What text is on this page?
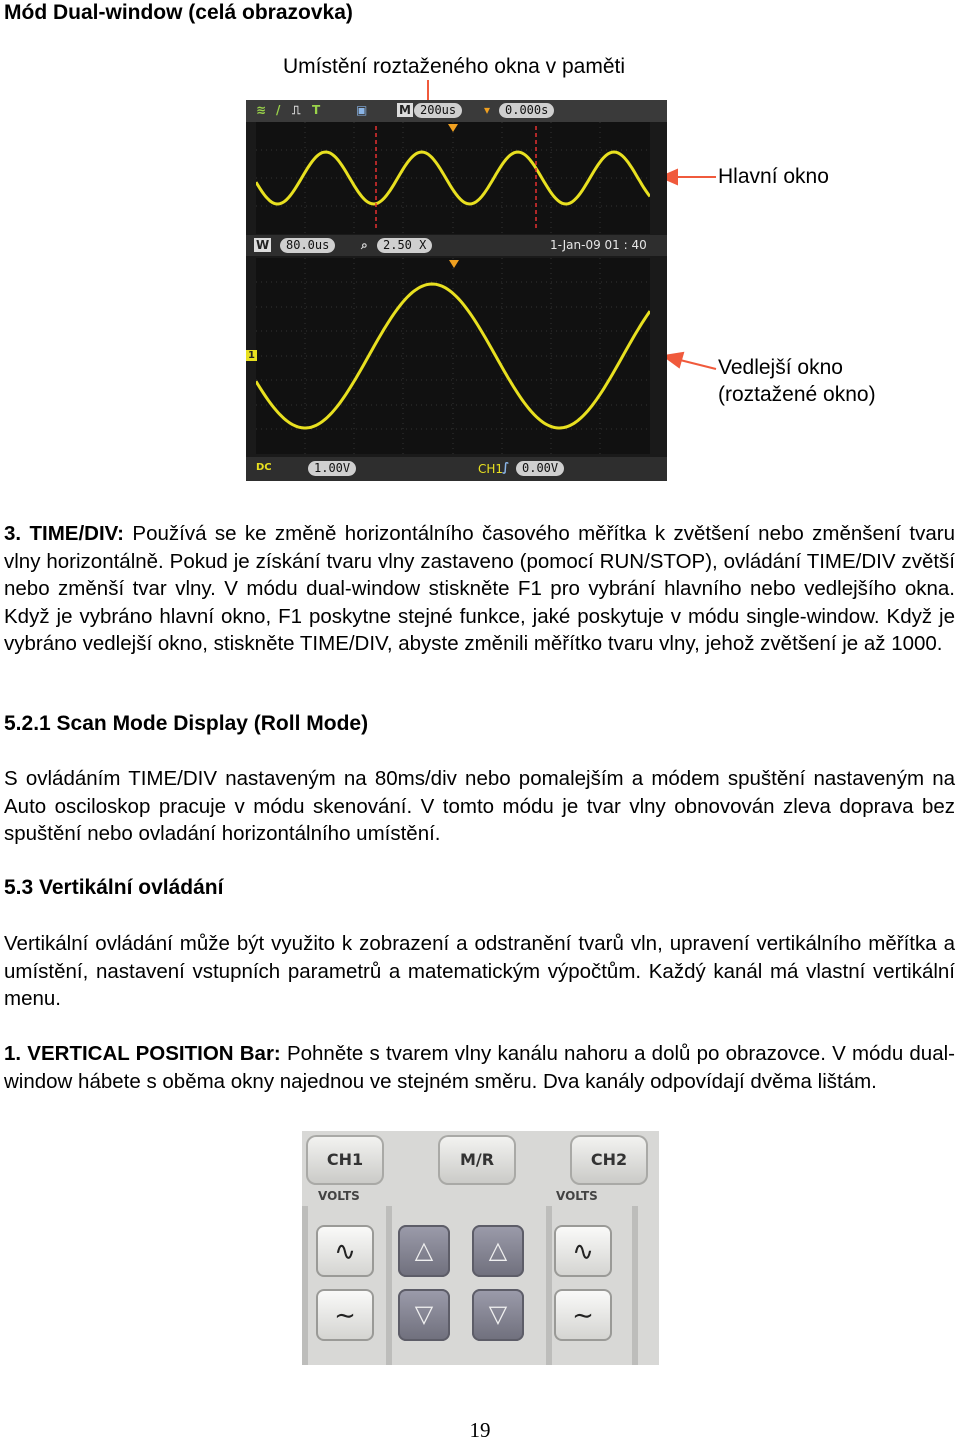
Mód Dual-window (celá obrazovka)
Umístění roztaženého okna v paměti
Hlavní okno
Vedlejší okno
(roztažené okno)
≋ / ⎍ T	▣	M 200us	▾	0.000s
W	80.0us	⌕	2.50 X	1-Jan-09 01 : 40
1
DC	1.00V	CH1
∫	0.00V
3. TIME/DIV: Používá se ke změně horizontálního časového měřítka k zvětšení nebo změnšení tvaru vlny horizontálně. Pokud je získání tvaru vlny zastaveno (pomocí RUN/STOP), ovládání TIME/DIV zvětší nebo změnší tvar vlny. V módu dual-window stiskněte F1 pro vybrání hlavního nebo vedlejšího okna. Když je vybráno hlavní okno, F1 poskytne stejné funkce, jaké poskytuje v módu single-window. Když je vybráno vedlejší okno, stiskněte TIME/DIV, abyste změnili měřítko tvaru vlny, jehož zvětšení je až 1000.
5.2.1 Scan Mode Display (Roll Mode)
S ovládáním TIME/DIV nastaveným na 80ms/div nebo pomalejším a módem spuštění nastaveným na Auto osciloskop pracuje v módu skenování. V tomto módu je tvar vlny obnovován zleva doprava bez spuštění nebo ovladání horizontálního umístění.
5.3 Vertikální ovládání
Vertikální ovládání může být využito k zobrazení a odstranění tvarů vln, upravení vertikálního měřítka a umístění, nastavení vstupních parametrů a matematickým výpočtům. Každý kanál má vlastní vertikální menu.
1. VERTICAL POSITION Bar: Pohněte s tvarem vlny kanálu nahoru a dolů po obrazovce. V módu dual-window hábete s oběma okny najednou ve stejném směru. Dva kanály odpovídají dvěma lištám.
CH1	M/R	CH2
VOLTS	VOLTS
∿
∼
△
▽
△
▽
∿
∼
19
